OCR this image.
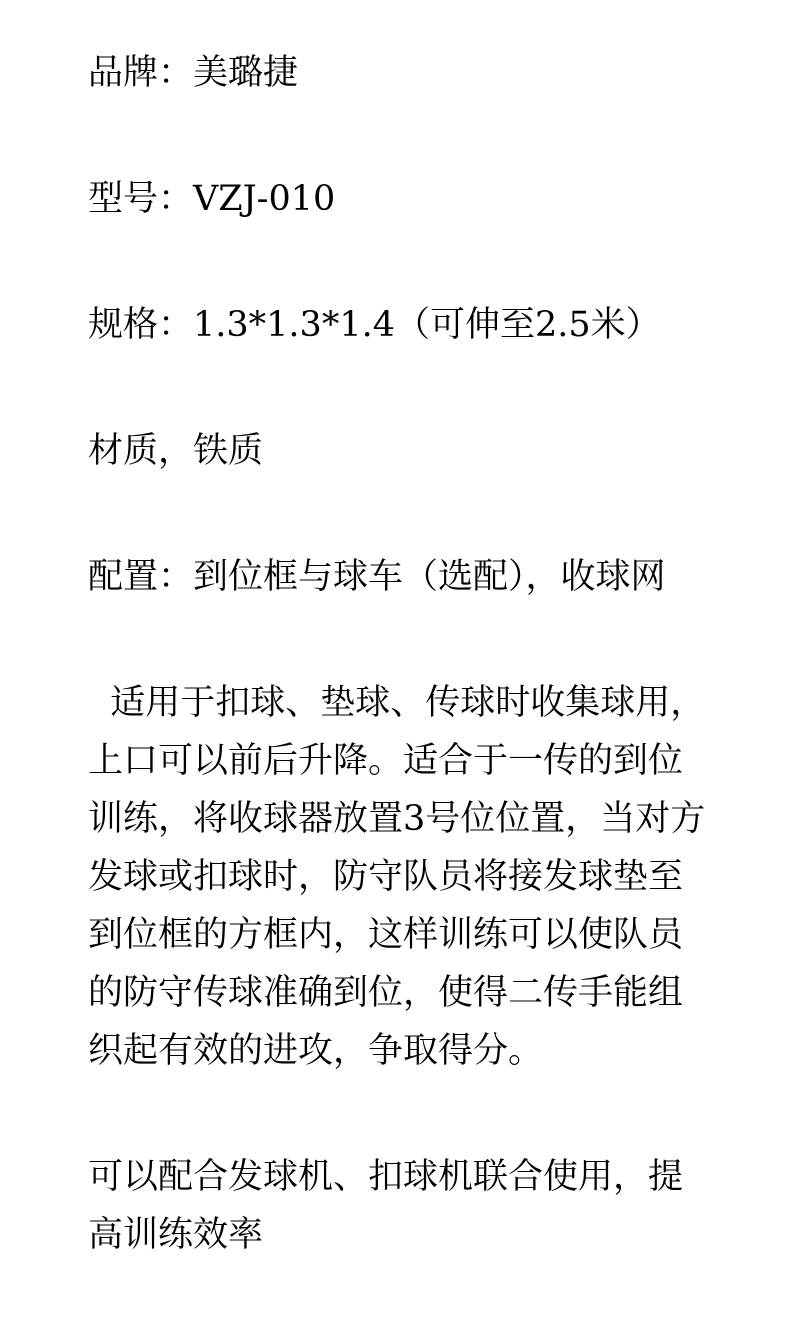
品牌：美璐捷
型号：VZJ-010
规格：1.3*1.3*1.4（可伸至2.5米）
材质，铁质
配置：到位框与球车（选配），收球网
适用于扣球、垫球、传球时收集球用，
上口可以前后升降。适合于一传的到位
训练，将收球器放置3号位位置，当对方
发球或扣球时，防守队员将接发球垫至
到位框的方框内，这样训练可以使队员
的防守传球准确到位，使得二传手能组
织起有效的进攻，争取得分。
可以配合发球机、扣球机联合使用，提
高训练效率
